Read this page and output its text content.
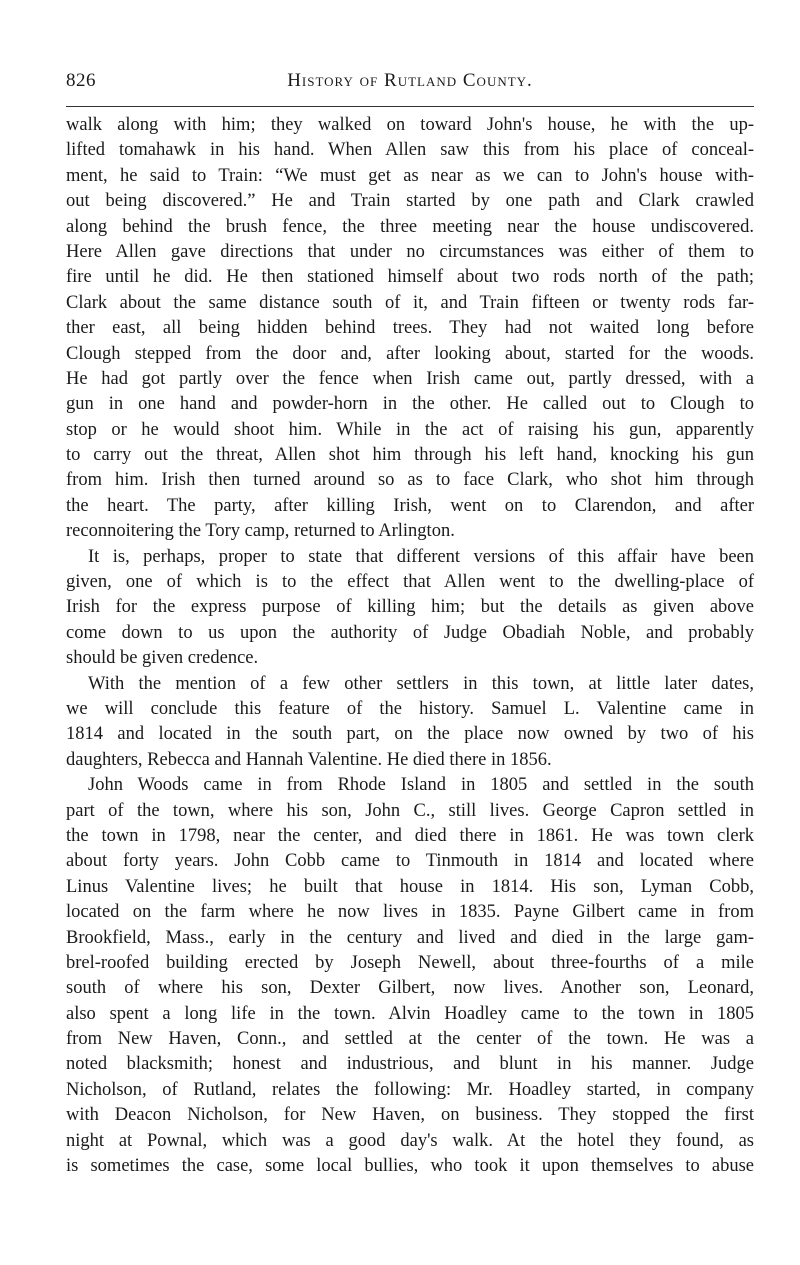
826	History of Rutland County.
walk along with him; they walked on toward John's house, he with the up-
lifted tomahawk in his hand. When Allen saw this from his place of conceal-
ment, he said to Train: “We must get as near as we can to John's house with-
out being discovered.” He and Train started by one path and Clark crawled
along behind the brush fence, the three meeting near the house undiscovered.
Here Allen gave directions that under no circumstances was either of them to
fire until he did. He then stationed himself about two rods north of the path;
Clark about the same distance south of it, and Train fifteen or twenty rods far-
ther east, all being hidden behind trees. They had not waited long before
Clough stepped from the door and, after looking about, started for the woods.
He had got partly over the fence when Irish came out, partly dressed, with a
gun in one hand and powder-horn in the other. He called out to Clough to
stop or he would shoot him. While in the act of raising his gun, apparently
to carry out the threat, Allen shot him through his left hand, knocking his gun
from him. Irish then turned around so as to face Clark, who shot him through
the heart. The party, after killing Irish, went on to Clarendon, and after
reconnoitering the Tory camp, returned to Arlington.
It is, perhaps, proper to state that different versions of this affair have been
given, one of which is to the effect that Allen went to the dwelling-place of
Irish for the express purpose of killing him; but the details as given above
come down to us upon the authority of Judge Obadiah Noble, and probably
should be given credence.
With the mention of a few other settlers in this town, at little later dates,
we will conclude this feature of the history. Samuel L. Valentine came in
1814 and located in the south part, on the place now owned by two of his
daughters, Rebecca and Hannah Valentine. He died there in 1856.
John Woods came in from Rhode Island in 1805 and settled in the south
part of the town, where his son, John C., still lives. George Capron settled in
the town in 1798, near the center, and died there in 1861. He was town clerk
about forty years. John Cobb came to Tinmouth in 1814 and located where
Linus Valentine lives; he built that house in 1814. His son, Lyman Cobb,
located on the farm where he now lives in 1835. Payne Gilbert came in from
Brookfield, Mass., early in the century and lived and died in the large gam-
brel-roofed building erected by Joseph Newell, about three-fourths of a mile
south of where his son, Dexter Gilbert, now lives. Another son, Leonard,
also spent a long life in the town. Alvin Hoadley came to the town in 1805
from New Haven, Conn., and settled at the center of the town. He was a
noted blacksmith; honest and industrious, and blunt in his manner. Judge
Nicholson, of Rutland, relates the following: Mr. Hoadley started, in company
with Deacon Nicholson, for New Haven, on business. They stopped the first
night at Pownal, which was a good day's walk. At the hotel they found, as
is sometimes the case, some local bullies, who took it upon themselves to abuse
